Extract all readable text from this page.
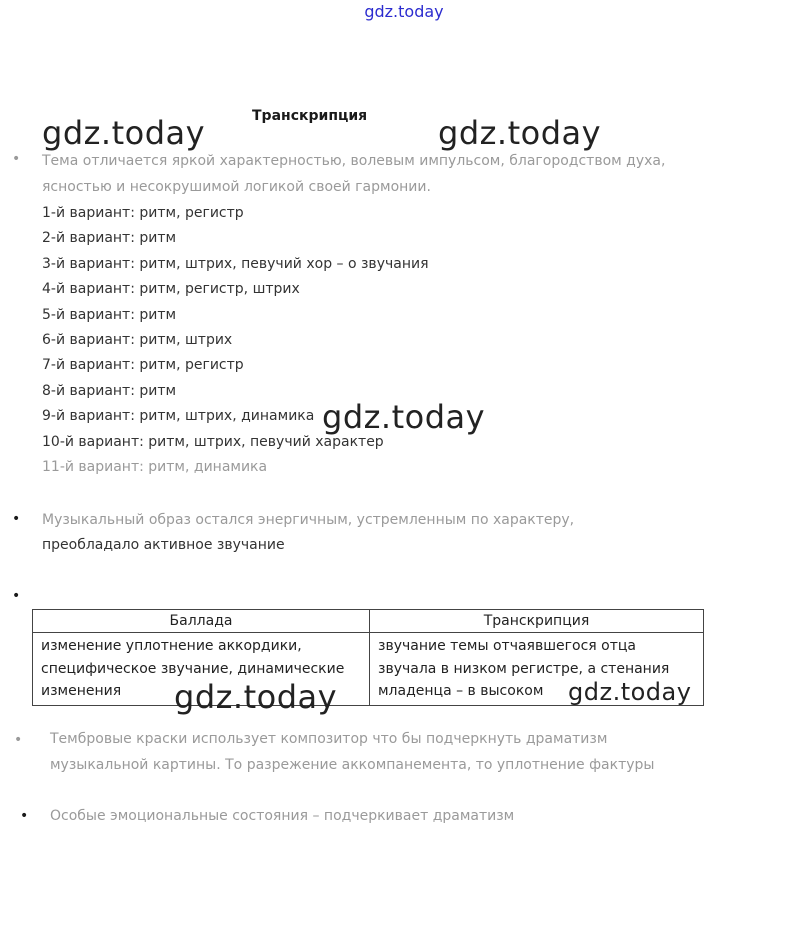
gdz.today
Транскрипция
• Тема отличается яркой характерностью, волевым импульсом, благородством духа,
ясностью и несокрушимой логикой своей гармонии.
1-й вариант: ритм, регистр
2-й вариант: ритм
3-й вариант: ритм, штрих, певучий хор – о звучания
4-й вариант: ритм, регистр, штрих
5-й вариант: ритм
6-й вариант: ритм, штрих
7-й вариант: ритм, регистр
8-й вариант: ритм
9-й вариант: ритм, штрих, динамика
10-й вариант: ритм, штрих, певучий характер
11-й вариант: ритм, динамика
• Музыкальный образ остался энергичным, устремленным по характеру,
преобладало активное звучание
•
Баллада	Транскрипция
изменение уплотнение аккордики, специфическое звучание, динамические изменения	звучание темы отчаявшегося отца звучала в низком регистре, а стенания младенца – в высоком
• Тембровые краски использует композитор что бы подчеркнуть драматизм
музыкальной картины. То разрежение аккомпанемента, то уплотнение фактуры
• Особые эмоциональные состояния – подчеркивает драматизм
gdz.today	gdz.today
gdz.today
gdz.today	gdz.today
